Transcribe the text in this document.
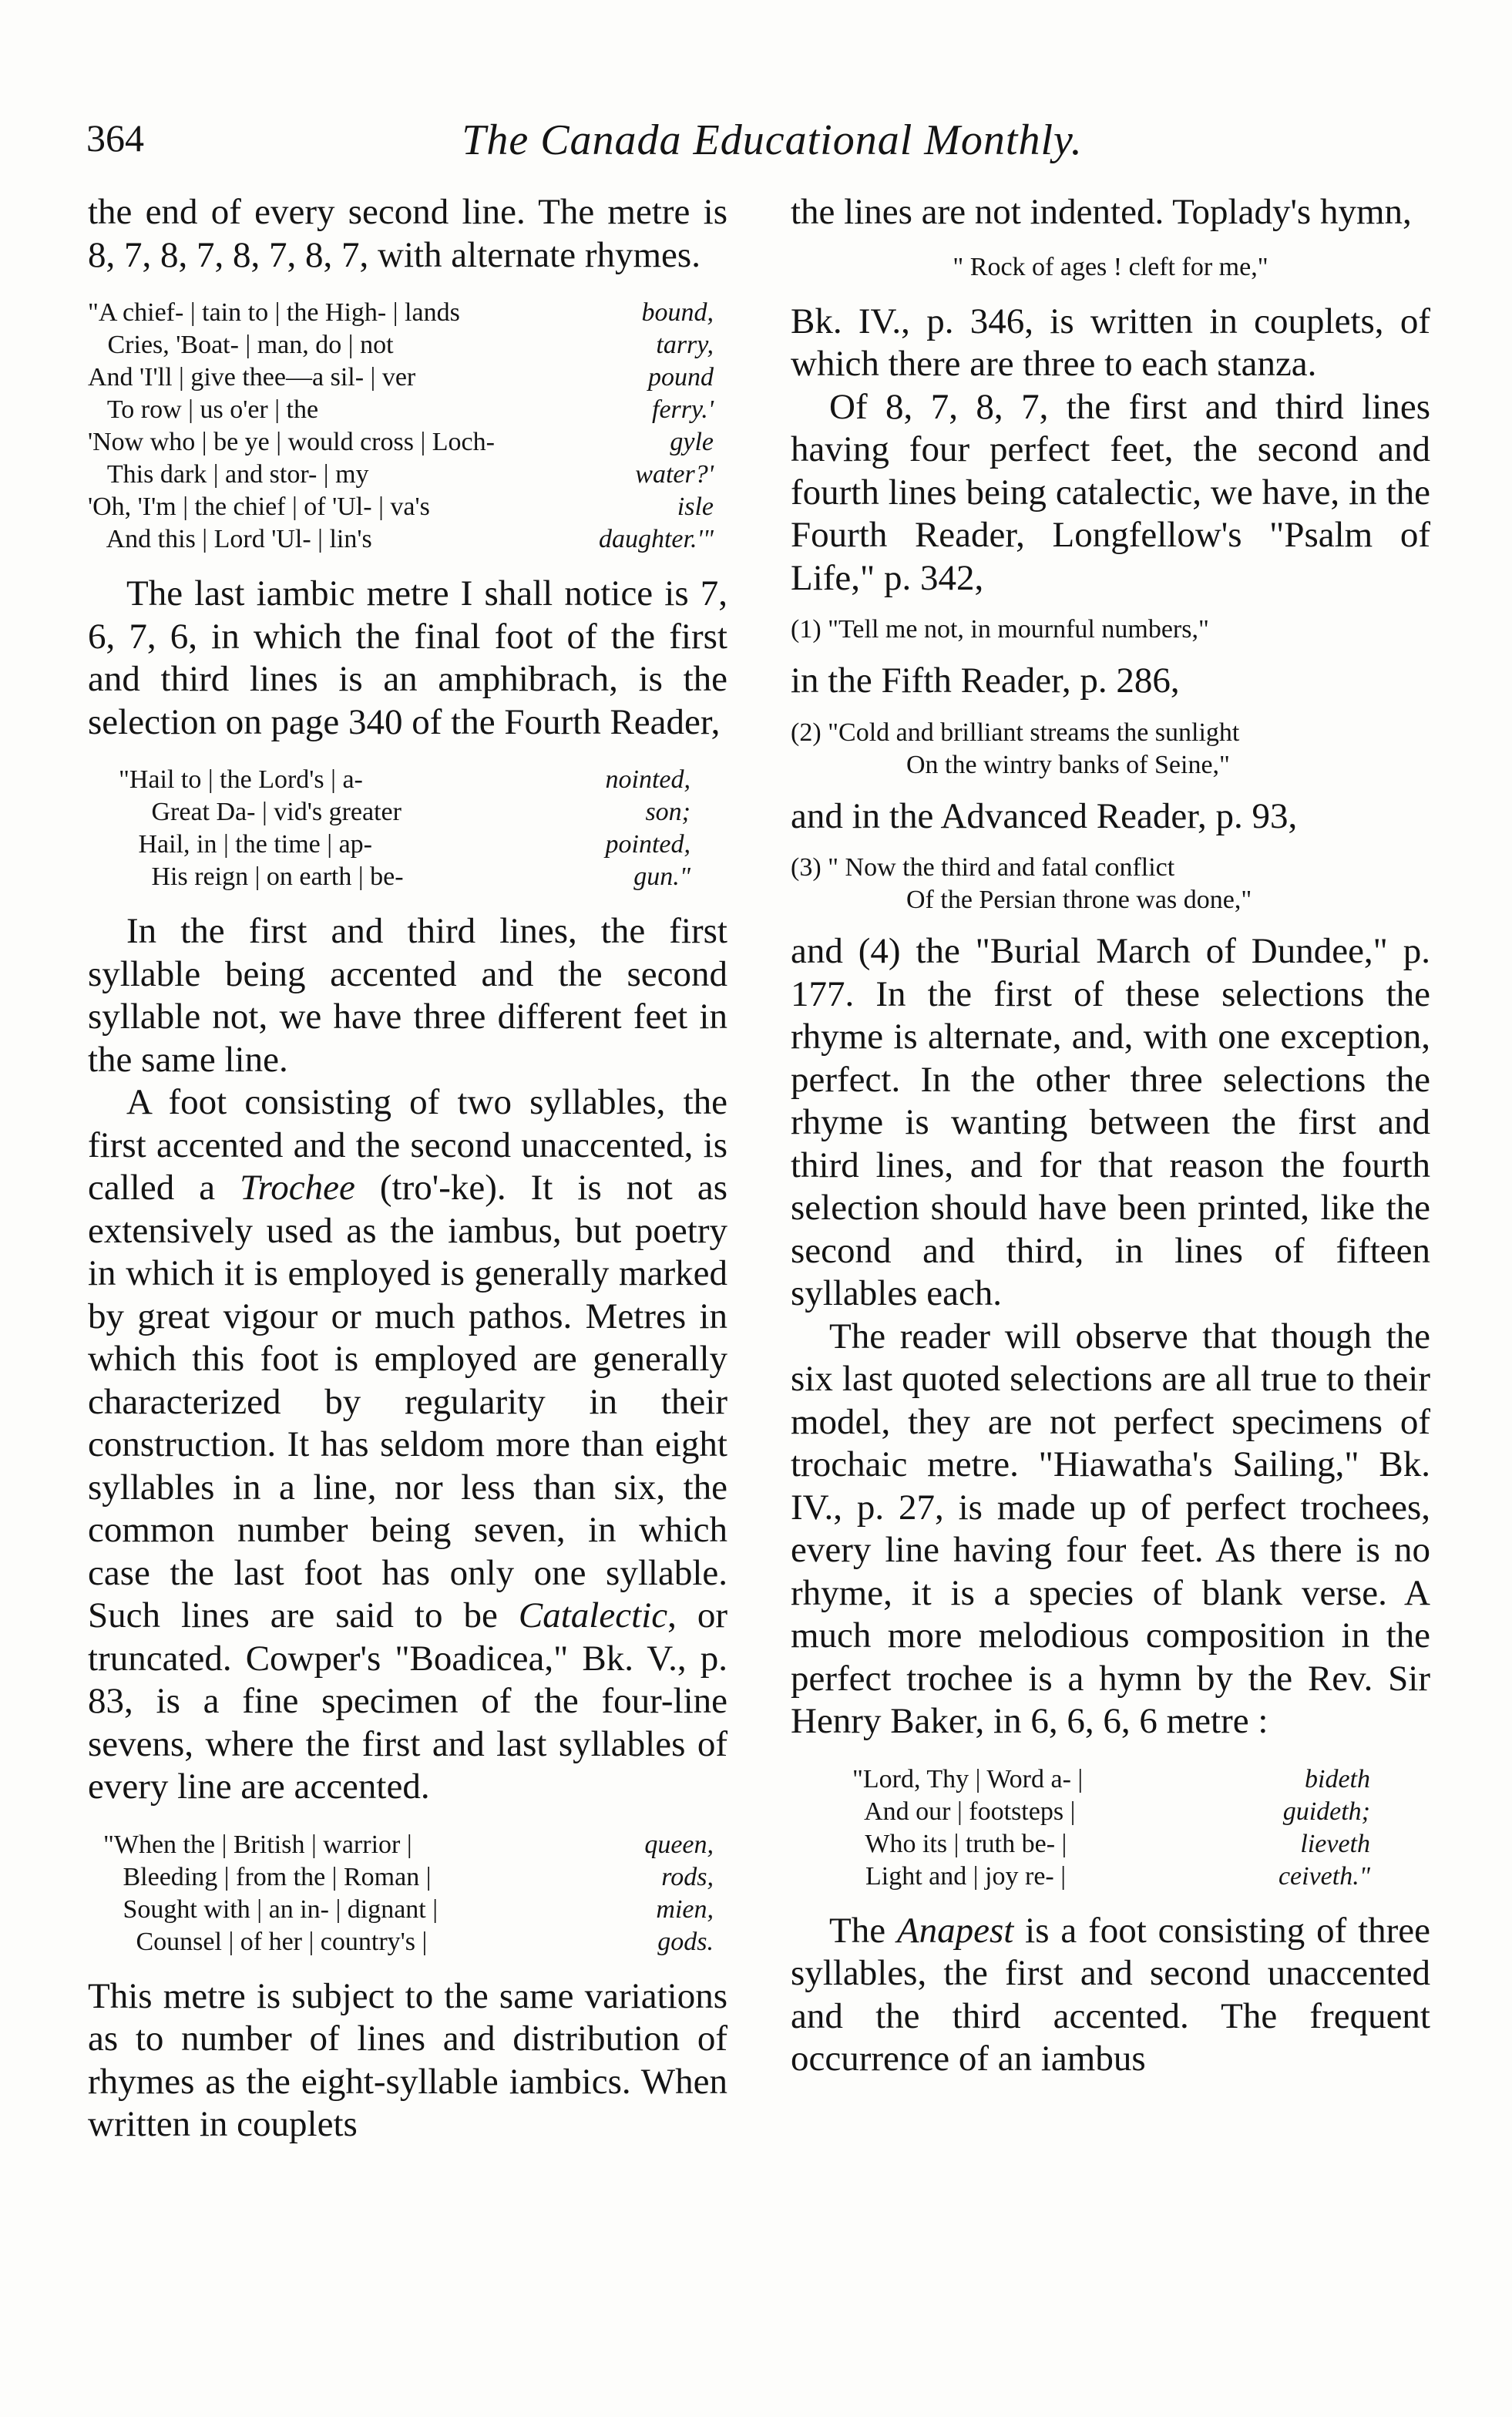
364	The Canada Educational Monthly.

the end of every second line. The metre is 8, 7, 8, 7, 8, 7, 8, 7, with alternate rhymes.

"A chief- | tain to | the High- | lands	bound,
Cries, 'Boat- | man, do | not	tarry,
And 'I'll | give thee—a sil- | ver	pound
To row | us o'er | the	ferry.'
'Now who | be ye | would cross | Loch-	gyle
This dark | and stor- | my	water?'
'Oh, 'I'm | the chief | of 'Ul- | va's	isle
And this | Lord 'Ul- | lin's	daughter.'"

The last iambic metre I shall notice is 7, 6, 7, 6, in which the final foot of the first and third lines is an amphibrach, is the selection on page 340 of the Fourth Reader,

"Hail to | the Lord's | a-	nointed,
Great Da- | vid's greater	son;
Hail, in | the time | ap-	pointed,
His reign | on earth | be-	gun."

In the first and third lines, the first syllable being accented and the second syllable not, we have three different feet in the same line.

A foot consisting of two syllables, the first accented and the second unaccented, is called a Trochee (tro'-ke). It is not as extensively used as the iambus, but poetry in which it is employed is generally marked by great vigour or much pathos. Metres in which this foot is employed are generally characterized by regularity in their construction. It has seldom more than eight syllables in a line, nor less than six, the common number being seven, in which case the last foot has only one syllable. Such lines are said to be Catalectic, or truncated. Cowper's "Boadicea," Bk. V., p. 83, is a fine specimen of the four-line sevens, where the first and last syllables of every line are accented.

"When the | British | warrior |	queen,
Bleeding | from the | Roman |	rods,
Sought with | an in- | dignant |	mien,
Counsel | of her | country's |	gods.

This metre is subject to the same variations as to number of lines and distribution of rhymes as the eight-syllable iambics. When written in couplets

the lines are not indented. Toplady's hymn,

" Rock of ages ! cleft for me,"

Bk. IV., p. 346, is written in couplets, of which there are three to each stanza.

Of 8, 7, 8, 7, the first and third lines having four perfect feet, the second and fourth lines being catalectic, we have, in the Fourth Reader, Longfellow's "Psalm of Life," p. 342,

(1) "Tell me not, in mournful numbers,"

in the Fifth Reader, p. 286,

(2) "Cold and brilliant streams the sunlight
On the wintry banks of Seine,"

and in the Advanced Reader, p. 93,

(3) " Now the third and fatal conflict
Of the Persian throne was done,"

and (4) the "Burial March of Dundee," p. 177. In the first of these selections the rhyme is alternate, and, with one exception, perfect. In the other three selections the rhyme is wanting between the first and third lines, and for that reason the fourth selection should have been printed, like the second and third, in lines of fifteen syllables each.

The reader will observe that though the six last quoted selections are all true to their model, they are not perfect specimens of trochaic metre. "Hiawatha's Sailing," Bk. IV., p. 27, is made up of perfect trochees, every line having four feet. As there is no rhyme, it is a species of blank verse. A much more melodious composition in the perfect trochee is a hymn by the Rev. Sir Henry Baker, in 6, 6, 6, 6 metre :

"Lord, Thy | Word a- |	bideth
And our | footsteps |	guideth;
Who its | truth be- |	lieveth
Light and | joy re- |	ceiveth."

The Anapest is a foot consisting of three syllables, the first and second unaccented and the third accented. The frequent occurrence of an iambus
